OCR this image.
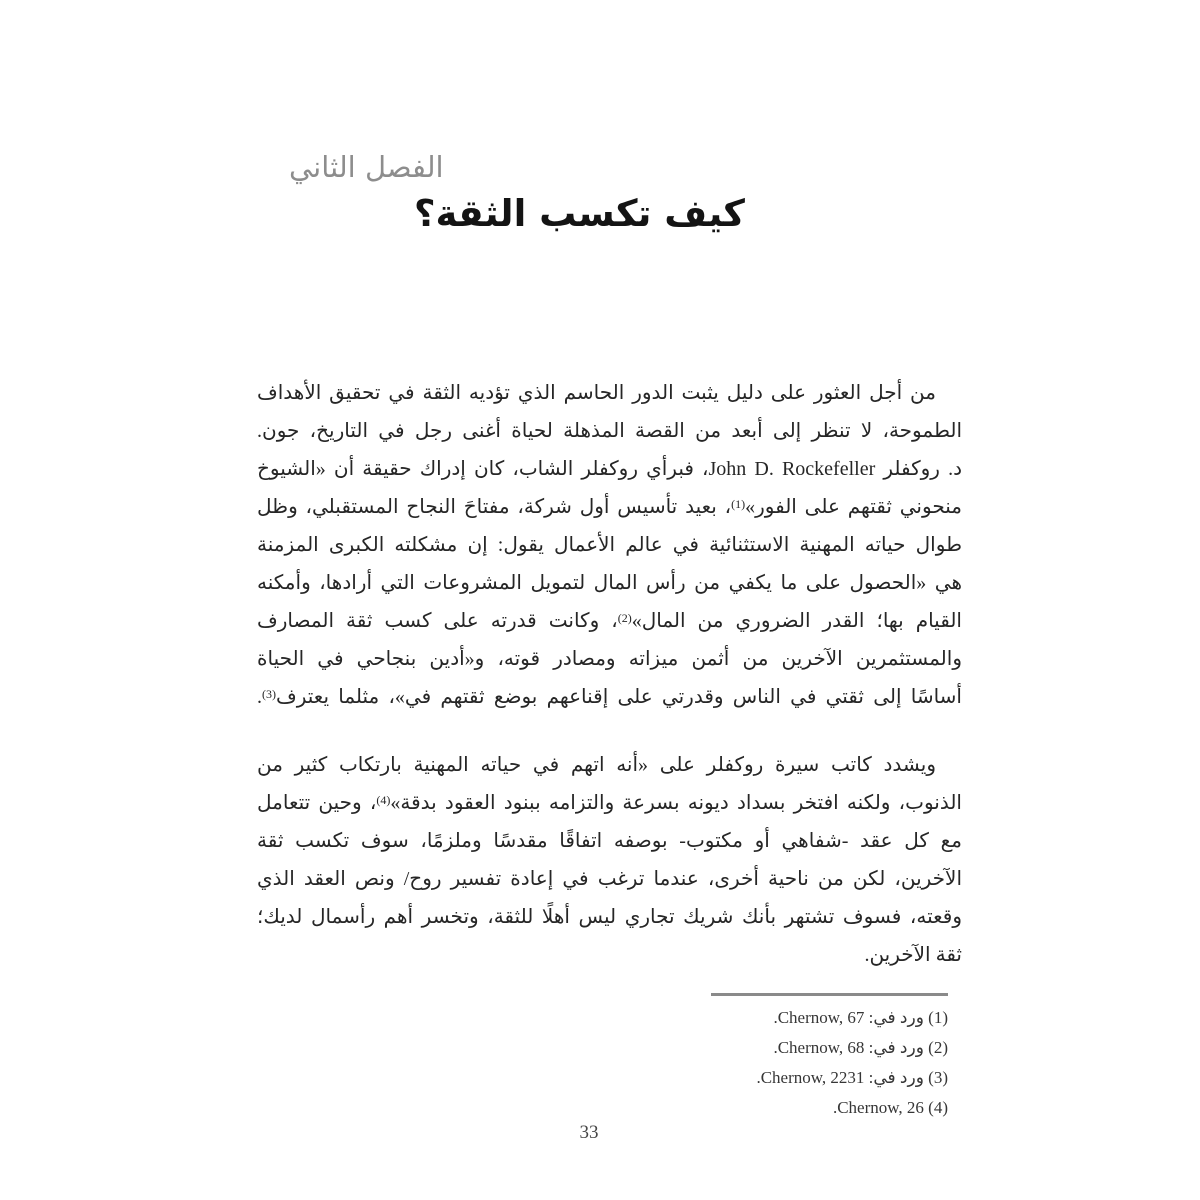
الفصل الثاني
كيف تكسب الثقة؟
من أجل العثور على دليل يثبت الدور الحاسم الذي تؤديه الثقة في تحقيق الأهداف
الطموحة، لا تنظر إلى أبعد من القصة المذهلة لحياة أغنى رجل في التاريخ، جون.
د. روكفلر John D. Rockefeller، فبرأي روكفلر الشاب، كان إدراك حقيقة أن «الشيوخ
منحوني ثقتهم على الفور»$^{(1)}$، بعيد تأسيس أول شركة، مفتاحَ النجاح المستقبلي، وظل
طوال حياته المهنية الاستثنائية في عالم الأعمال يقول: إن مشكلته الكبرى المزمنة
هي «الحصول على ما يكفي من رأس المال لتمويل المشروعات التي أرادها، وأمكنه
القيام بها؛ القدر الضروري من المال»$^{(2)}$، وكانت قدرته على كسب ثقة المصارف
والمستثمرين الآخرين من أثمن ميزاته ومصادر قوته، و«أدين بنجاحي في الحياة
أساسًا إلى ثقتي في الناس وقدرتي على إقناعهم بوضع ثقتهم في»، مثلما يعترف$^{(3)}$.
ويشدد كاتب سيرة روكفلر على «أنه اتهم في حياته المهنية بارتكاب كثير من
الذنوب، ولكنه افتخر بسداد ديونه بسرعة والتزامه ببنود العقود بدقة»$^{(4)}$، وحين تتعامل
مع كل عقد -شفاهي أو مكتوب- بوصفه اتفاقًا مقدسًا وملزمًا، سوف تكسب ثقة
الآخرين، لكن من ناحية أخرى، عندما ترغب في إعادة تفسير روح/ ونص العقد الذي
وقعته، فسوف تشتهر بأنك شريك تجاري ليس أهلًا للثقة، وتخسر أهم رأسمال لديك؛
ثقة الآخرين.
(1) ورد في: Chernow, 67.
(2) ورد في: Chernow, 68.
(3) ورد في: Chernow, 2231.
(4) Chernow, 26.
33
